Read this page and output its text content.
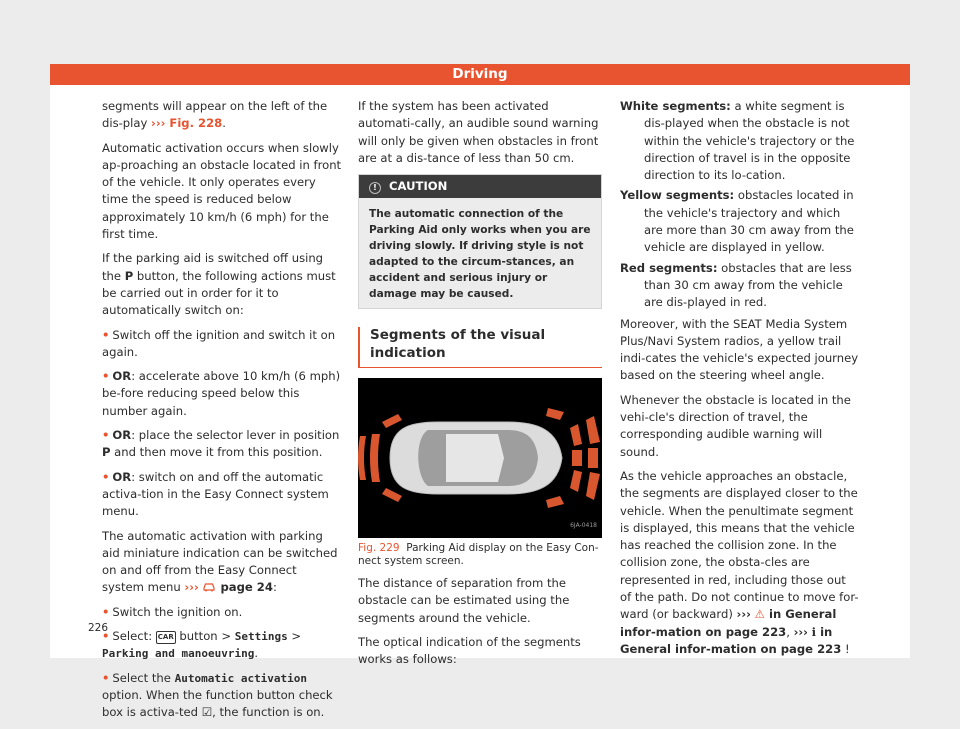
Driving

segments will appear on the left of the dis-play ››› Fig. 228.

Automatic activation occurs when slowly ap-proaching an obstacle located in front of the vehicle. It only operates every time the speed is reduced below approximately 10 km/h (6 mph) for the first time.

If the parking aid is switched off using the P button, the following actions must be carried out in order for it to automatically switch on:

• Switch off the ignition and switch it on again.

• OR: accelerate above 10 km/h (6 mph) be-fore reducing speed below this number again.

• OR: place the selector lever in position P and then move it from this position.

• OR: switch on and off the automatic activa-tion in the Easy Connect system menu.

The automatic activation with parking aid miniature indication can be switched on and off from the Easy Connect system menu ›››  page 24:

• Switch the ignition on.

• Select: CAR button > Settings > Parking and manoeuvring.

• Select the Automatic activation option. When the function button check box is activa-ted ☑, the function is on.

If the system has been activated automati-cally, an audible sound warning will only be given when obstacles in front are at a dis-tance of less than 50 cm.

! CAUTION
The automatic connection of the Parking Aid only works when you are driving slowly. If driving style is not adapted to the circum-stances, an accident and serious injury or damage may be caused.
Segments of the visual indication
6JA-0418

Fig. 229 Parking Aid display on the Easy Con-nect system screen.

The distance of separation from the obstacle can be estimated using the segments around the vehicle.

The optical indication of the segments works as follows:

White segments: a white segment is dis-played when the obstacle is not within the vehicle's trajectory or the direction of travel is in the opposite direction to its lo-cation.
Yellow segments: obstacles located in the vehicle's trajectory and which are more than 30 cm away from the vehicle are displayed in yellow.
Red segments: obstacles that are less than 30 cm away from the vehicle are dis-played in red.

Moreover, with the SEAT Media System Plus/Navi System radios, a yellow trail indi-cates the vehicle's expected journey based on the steering wheel angle.

Whenever the obstacle is located in the vehi-cle's direction of travel, the corresponding audible warning will sound.

As the vehicle approaches an obstacle, the segments are displayed closer to the vehicle. When the penultimate segment is displayed, this means that the vehicle has reached the collision zone. In the collision zone, the obsta-cles are represented in red, including those out of the path. Do not continue to move for-ward (or backward) ››› ⚠ in General infor-mation on page 223, ››› ℹ in General infor-mation on page 223 !

226
